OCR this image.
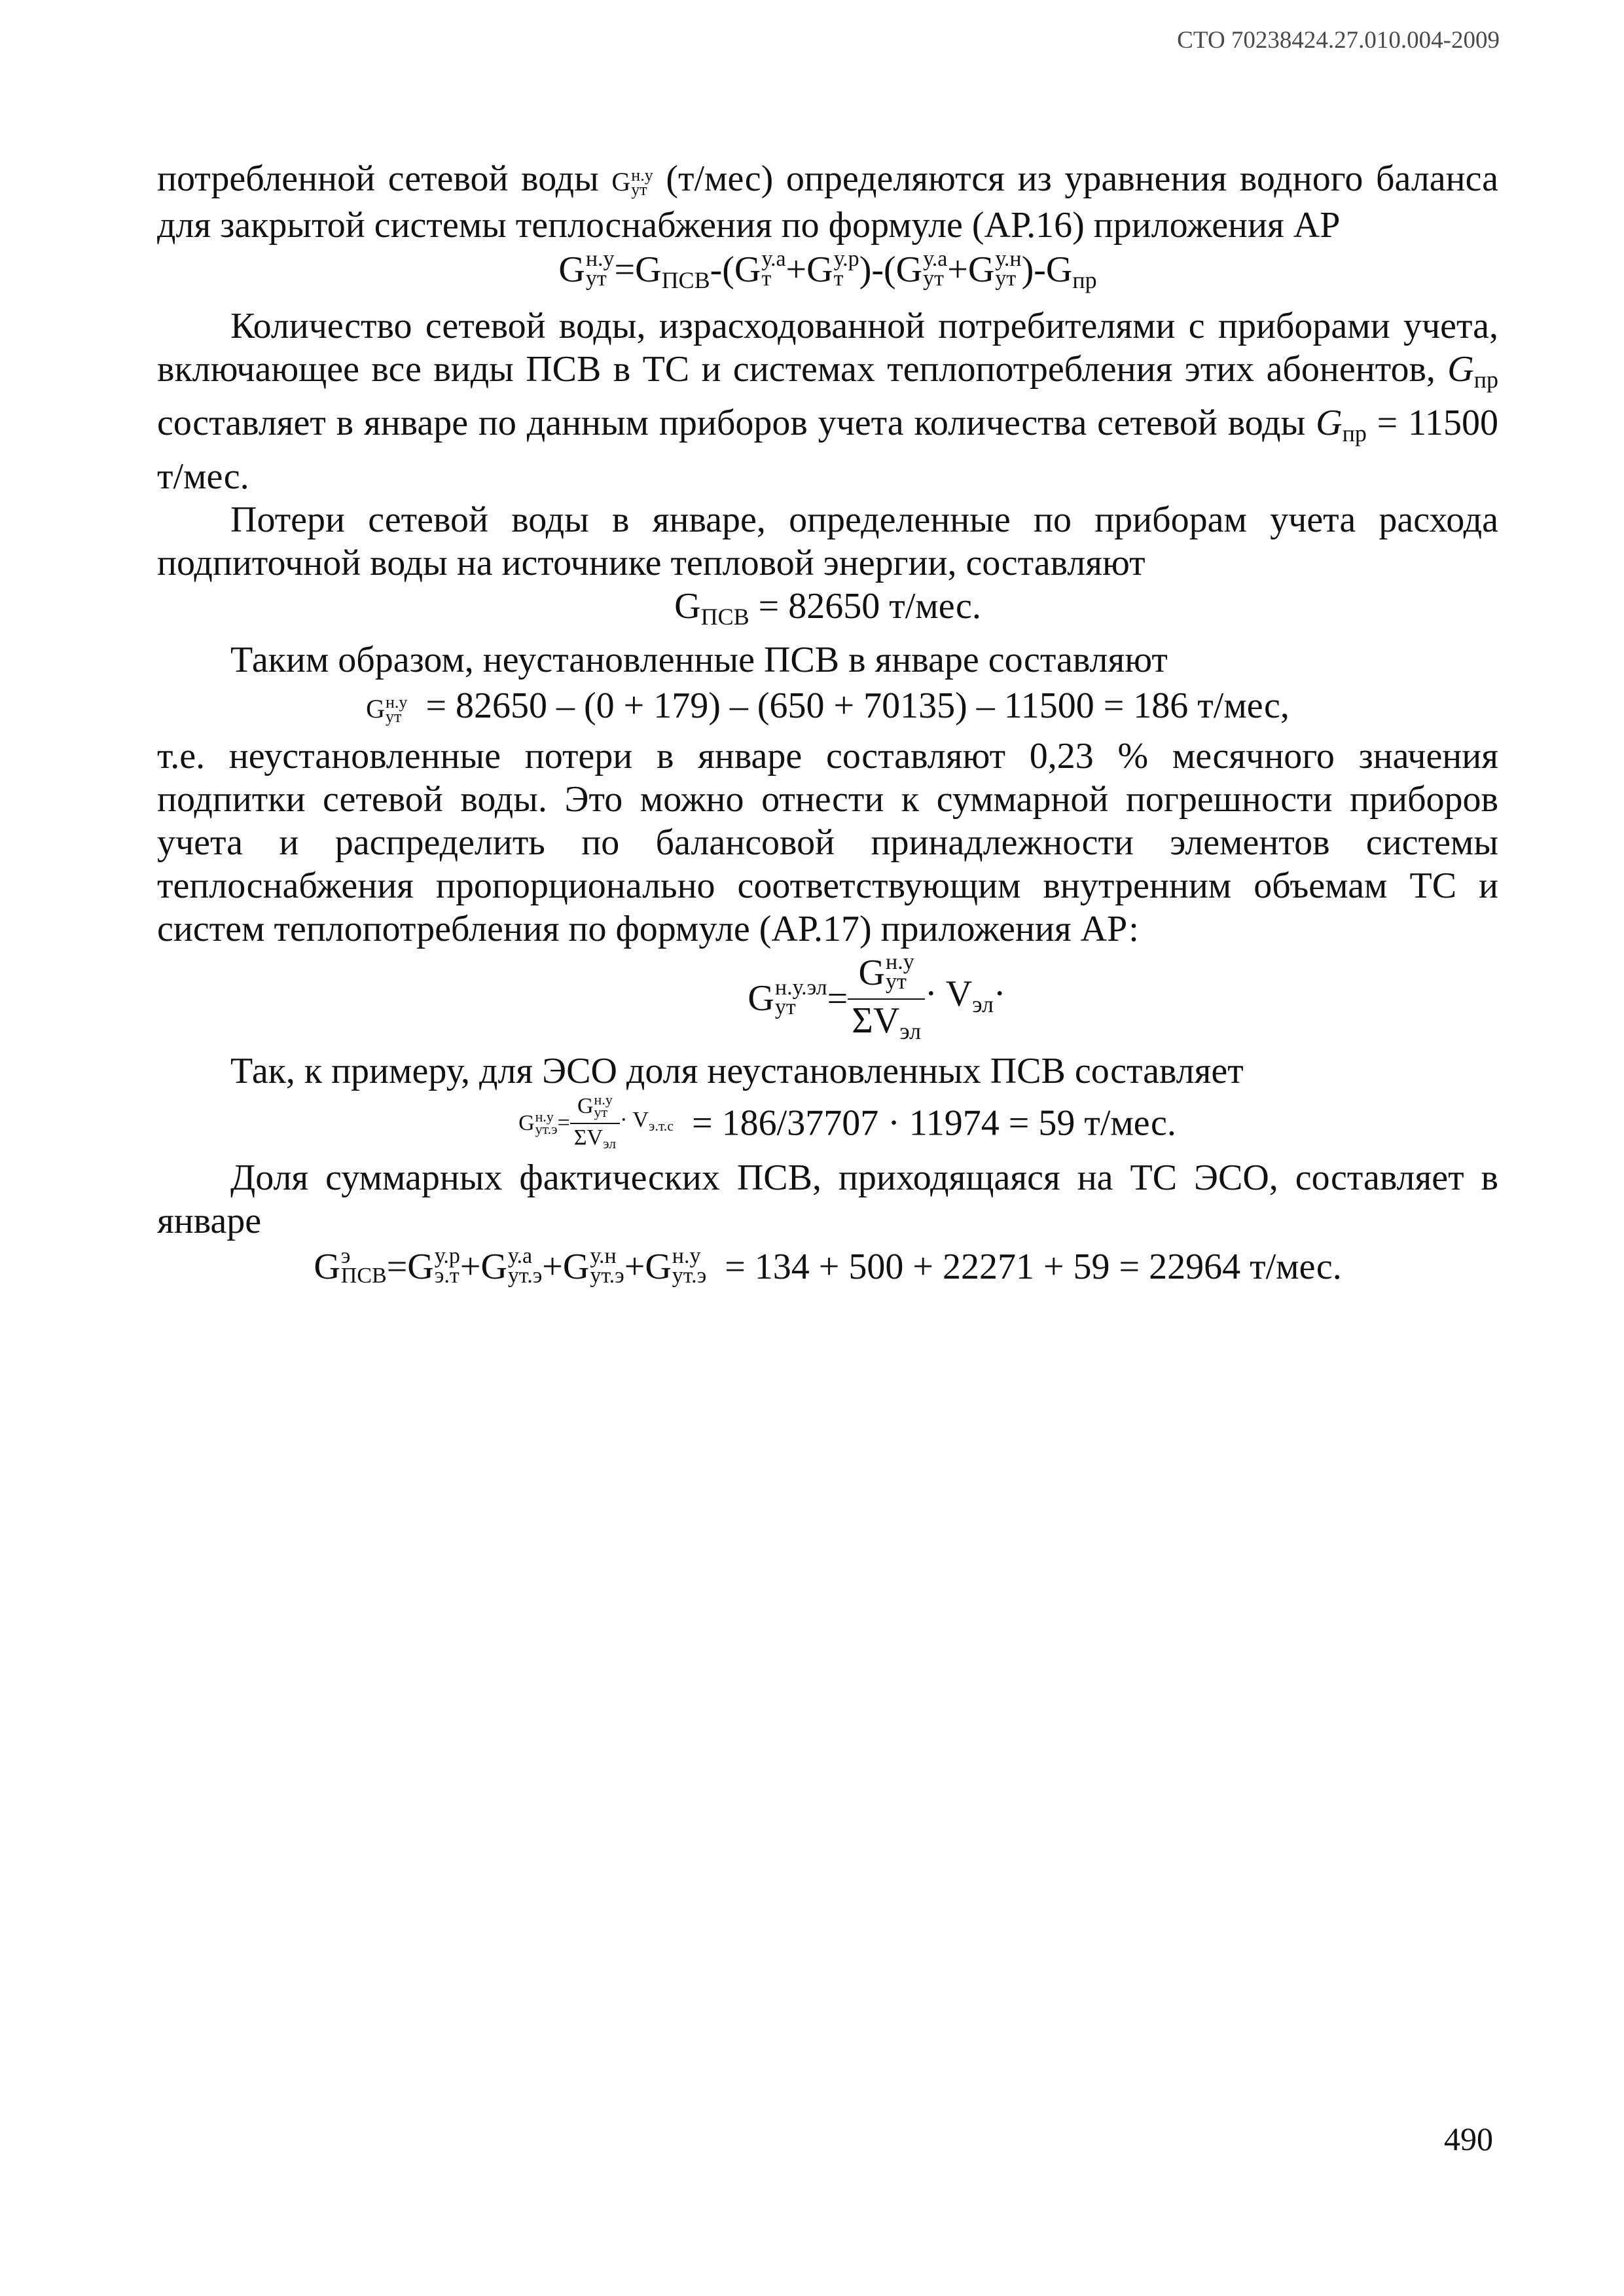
СТО 70238424.27.010.004-2009

потребленной сетевой воды G н.у
ут (т/мес) определяются из уравнения водного баланса для закрытой системы теплоснабжения по формуле (АР.16) приложения АР

G н.у
ут $=G_{ПСВ}-(G$ у.а
т +G у.р
т )-(G у.а
ут +G у.н
ут )$-G_{пр}$

Количество сетевой воды, израсходованной потребителями с приборами учета, включающее все виды ПСВ в ТС и системах теплопотребления этих абонентов, $G_{пр}$ составляет в январе по данным приборов учета количества сетевой воды $G_{пр} = 11500$ т/мес.

Потери сетевой воды в январе, определенные по приборам учета расхода подпиточной воды на источнике тепловой энергии, составляют

$G_{ПСВ} = 82650$ т/мес.

Таким образом, неустановленные ПСВ в январе составляют

G н.у
ут = 82650 – (0 + 179) – (650 + 70135) – 11500 = 186 т/мес,

т.е. неустановленные потери в январе составляют 0,23 % месячного значения подпитки сетевой воды. Это можно отнести к суммарной погрешности приборов учета и распределить по балансовой принадлежности элементов системы теплоснабжения пропорционально соответствующим внутренним объемам ТС и систем теплопотребления по формуле (АР.17) приложения АР:

G н.у.эл
ут = G н.у
ут
$\Sigma V_{эл} \cdot V_{эл}\cdot$

Так, к примеру, для ЭСО доля неустановленных ПСВ составляет

G н.у
ут.э = G н.у
ут
$\Sigma V_{эл} \cdot V_{э.т.с} = 186/37707 \cdot 11974 = 59$ т/мес.

Доля суммарных фактических ПСВ, приходящаяся на ТС ЭСО, составляет в январе

G э
ПСВ =G у.р
э.т +G у.а
ут.э +G у.н
ут.э +G н.у
ут.э = 134 + 500 + 22271 + 59 = 22964 т/мес.
490
